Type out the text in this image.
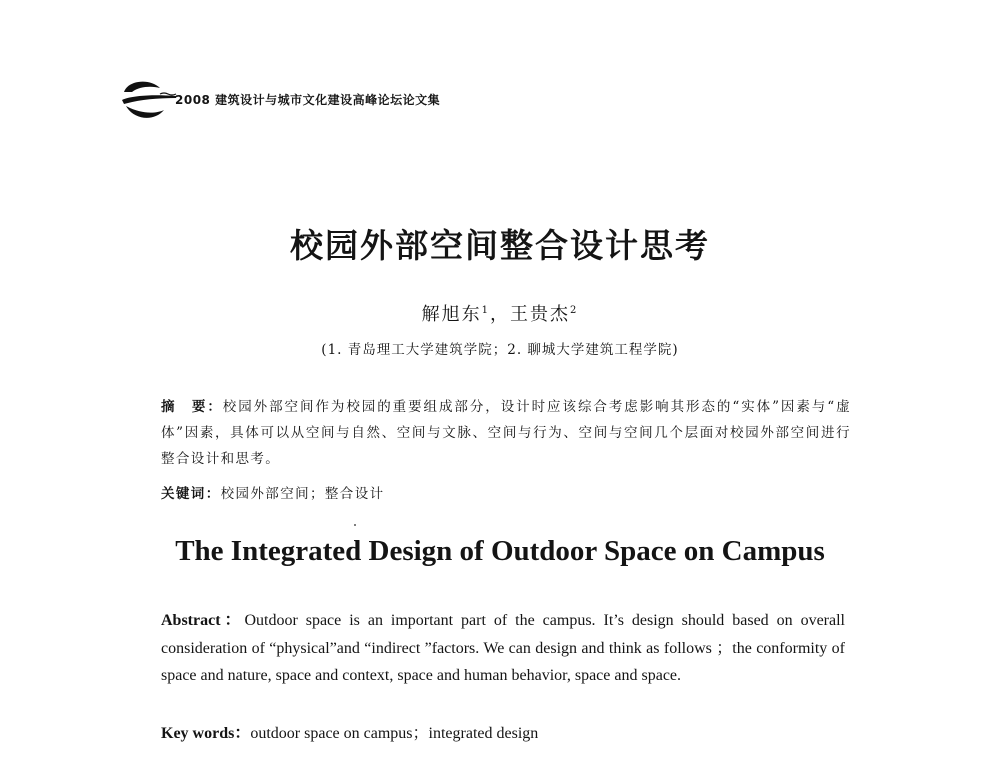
2008 建筑设计与城市文化建设高峰论坛论文集
校园外部空间整合设计思考
解旭东$^1$，王贵杰$^2$
(1. 青岛理工大学建筑学院；2. 聊城大学建筑工程学院)
摘　要：校园外部空间作为校园的重要组成部分，设计时应该综合考虑影响其形态的“实体”因素与“虚体”因素，具体可以从空间与自然、空间与文脉、空间与行为、空间与空间几个层面对校园外部空间进行整合设计和思考。
关键词：校园外部空间；整合设计
The Integrated Design of Outdoor Space on Campus
Abstract：Outdoor space is an important part of the campus. It’s design should based on overall consideration of “physical”and “indirect ”factors. We can design and think as follows ；the conformity of space and nature, space and context, space and human behavior, space and space.
Key words：outdoor space on campus；integrated design
